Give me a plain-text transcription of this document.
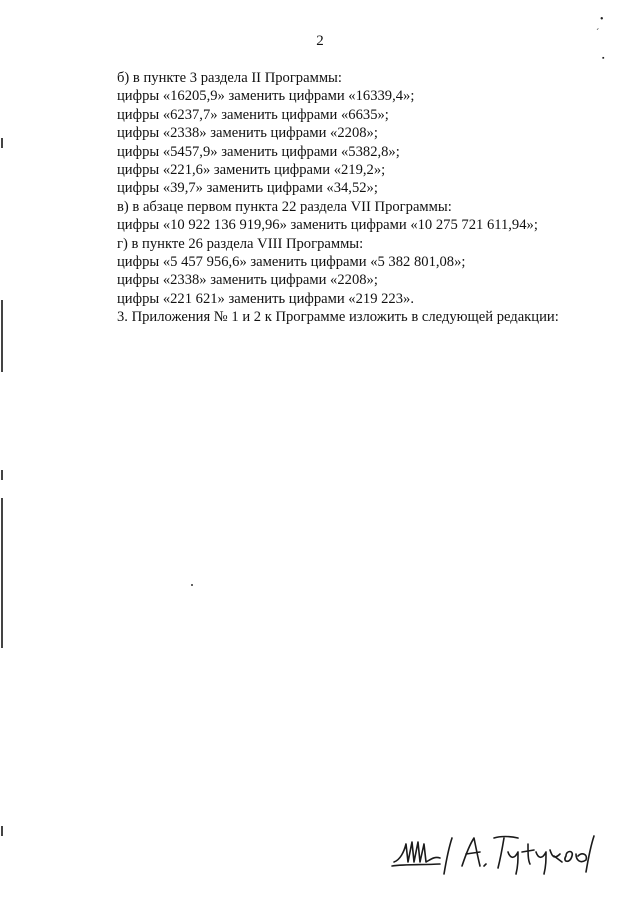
•
ˊ
▪
2
б) в пункте 3 раздела II Программы:
цифры «16205,9» заменить цифрами «16339,4»;
цифры «6237,7» заменить цифрами «6635»;
цифры «2338» заменить цифрами «2208»;
цифры «5457,9» заменить цифрами «5382,8»;
цифры «221,6» заменить цифрами «219,2»;
цифры «39,7» заменить цифрами «34,52»;
в) в абзаце первом пункта 22 раздела VII Программы:
цифры «10 922 136 919,96» заменить цифрами «10 275 721 611,94»;
г) в пункте 26 раздела VIII Программы:
цифры «5 457 956,6» заменить цифрами «5 382 801,08»;
цифры «2338» заменить цифрами «2208»;
цифры «221 621» заменить цифрами «219 223».
3. Приложения № 1 и 2 к Программе изложить в следующей редакции:
